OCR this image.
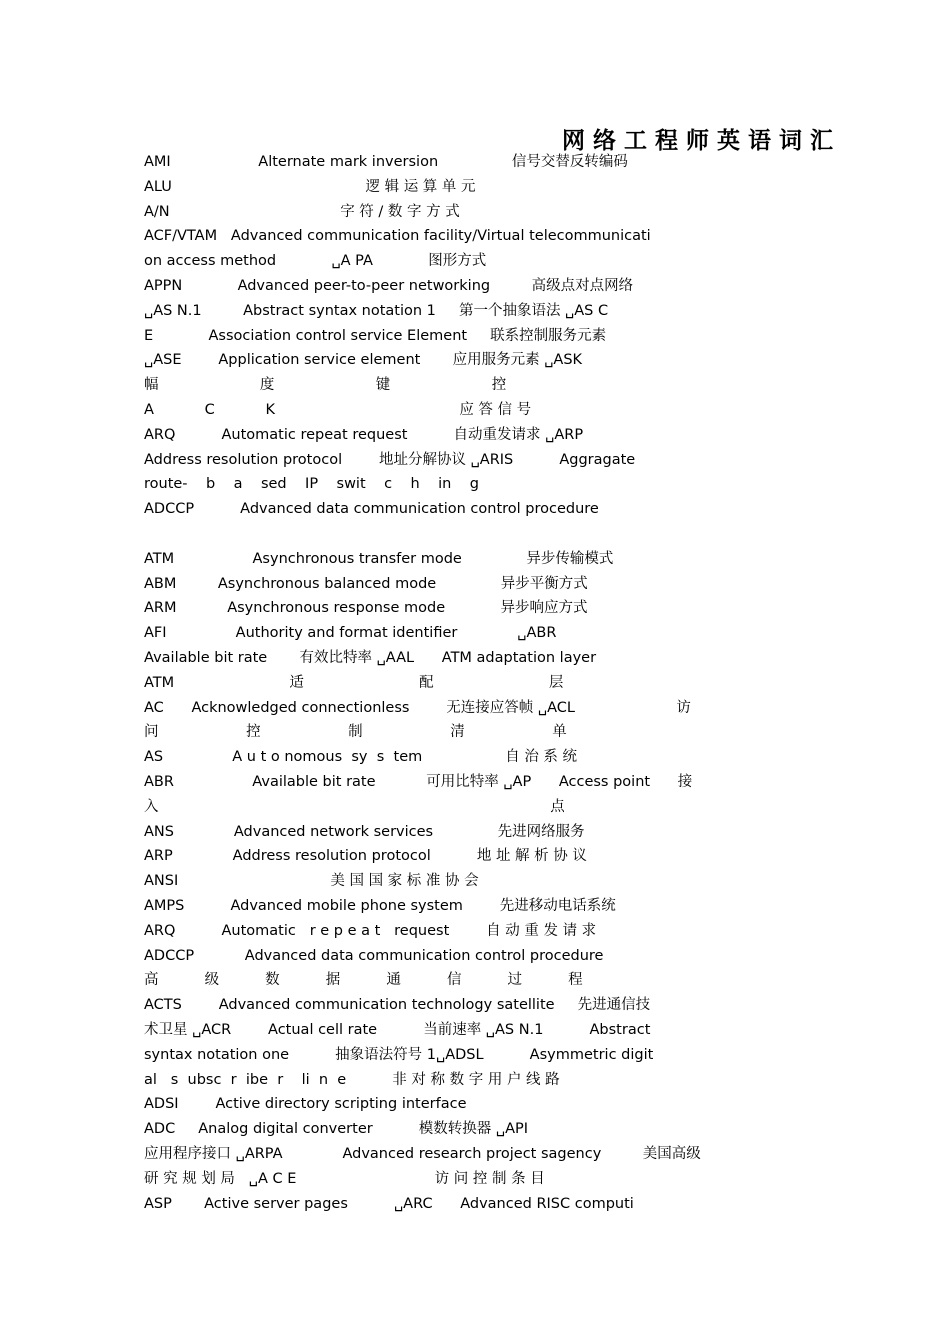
网 络 工 程 师 英 语 词 汇
AMI                   Alternate mark inversion                信号交替反转编码
ALU                                          逻 辑 运 算 单 元
A/N                                     字 符 / 数 字 方 式
ACF/VTAM   Advanced communication facility/Virtual telecommunicati
on access method            ␣A PA            图形方式
APPN            Advanced peer-to-peer networking         高级点对点网络
␣AS N.1         Abstract syntax notation 1     第一个抽象语法 ␣AS C
E            Association control service Element     联系控制服务元素
␣ASE        Application service element       应用服务元素 ␣ASK
幅                      度                      键                      控
A           C           K                                        应 答 信 号
ARQ          Automatic repeat request          自动重发请求 ␣ARP
Address resolution protocol        地址分解协议 ␣ARIS          Aggragate
route-    b    a    sed    IP    swit    c    h    in    g
ADCCP          Advanced data communication control procedure
ATM                 Asynchronous transfer mode              异步传输模式
ABM         Asynchronous balanced mode              异步平衡方式
ARM           Asynchronous response mode            异步响应方式
AFI               Authority and format identifier             ␣ABR
Available bit rate       有效比特率 ␣AAL      ATM adaptation layer
ATM                         适                         配                         层
AC      Acknowledged connectionless        无连接应答帧 ␣ACL                      访
问                   控                   制                   清                   单
AS               A u t o nomous  sy  s  tem                  自 治 系 统
ABR                 Available bit rate           可用比特率 ␣AP      Access point      接
入                                                                                     点
ANS             Advanced network services              先进网络服务
ARP             Address resolution protocol          地 址 解 析 协 议
ANSI                                 美 国 国 家 标 准 协 会
AMPS          Advanced mobile phone system        先进移动电话系统
ARQ          Automatic   r e p e a t   request        自 动 重 发 请 求
ADCCP           Advanced data communication control procedure
高          级          数          据          通          信          过          程
ACTS        Advanced communication technology satellite     先进通信技
术卫星 ␣ACR        Actual cell rate          当前速率 ␣AS N.1          Abstract
syntax notation one          抽象语法符号 1␣ADSL          Asymmetric digit
al   s  ubsc  r  ibe  r    li  n  e          非 对 称 数 字 用 户 线 路
ADSI        Active directory scripting interface
ADC     Analog digital converter          模数转换器 ␣API
应用程序接口 ␣ARPA             Advanced research project sagency         美国高级
研 究 规 划 局   ␣A C E                              访 问 控 制 条 目
ASP       Active server pages          ␣ARC      Advanced RISC computi
